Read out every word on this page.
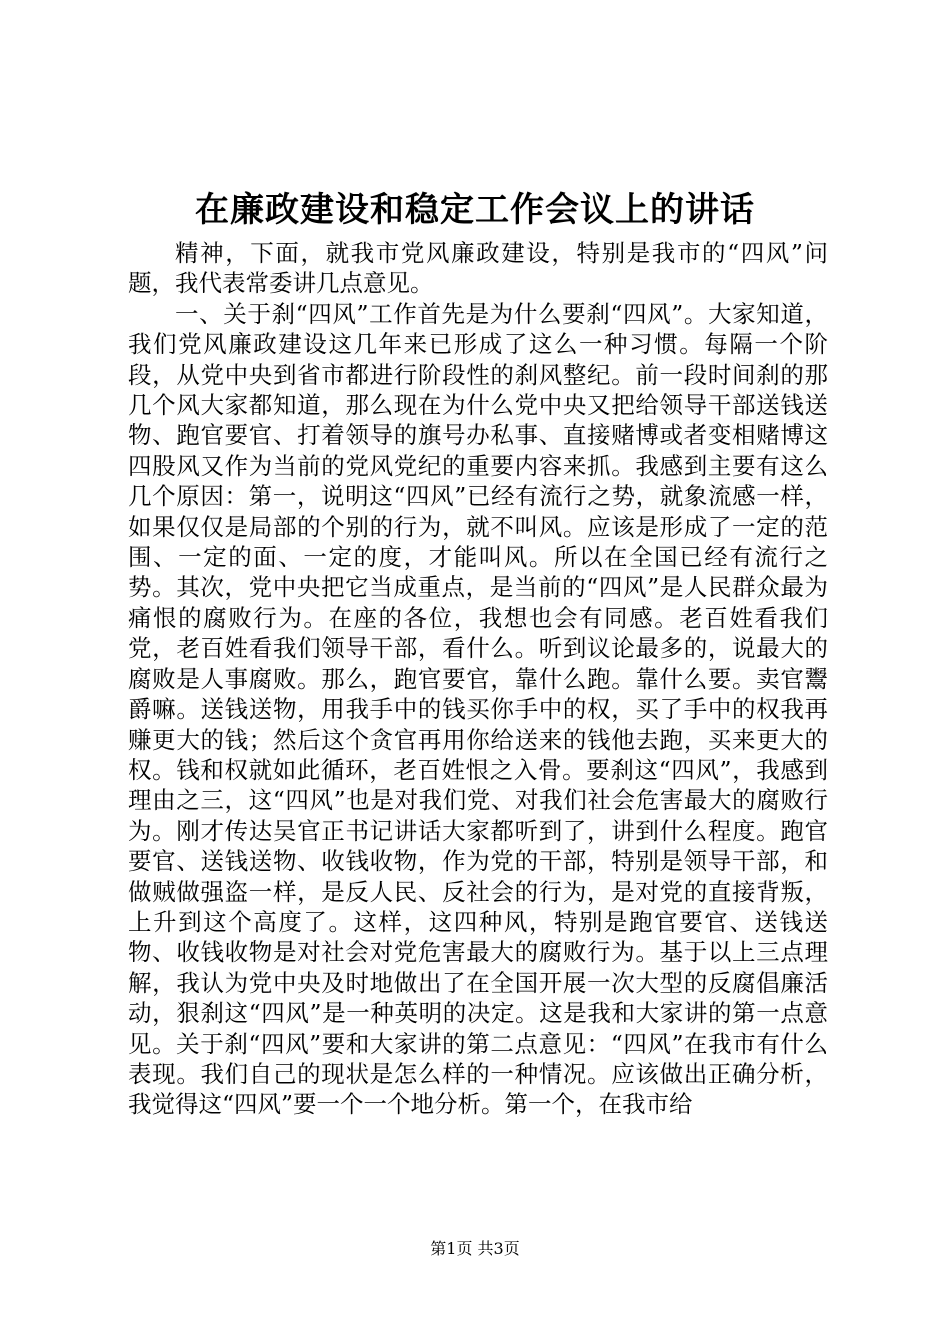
在廉政建设和稳定工作会议上的讲话

精神，下面，就我市党风廉政建设，特别是我市的“四风”问题，我代表常委讲几点意见。

一、关于刹“四风”工作首先是为什么要刹“四风”。大家知道，我们党风廉政建设这几年来已形成了这么一种习惯。每隔一个阶段，从党中央到省市都进行阶段性的刹风整纪。前一段时间刹的那几个风大家都知道，那么现在为什么党中央又把给领导干部送钱送物、跑官要官、打着领导的旗号办私事、直接赌博或者变相赌博这四股风又作为当前的党风党纪的重要内容来抓。我感到主要有这么几个原因：第一，说明这“四风”已经有流行之势，就象流感一样，如果仅仅是局部的个别的行为，就不叫风。应该是形成了一定的范围、一定的面、一定的度，才能叫风。所以在全国已经有流行之势。其次，党中央把它当成重点，是当前的“四风”是人民群众最为痛恨的腐败行为。在座的各位，我想也会有同感。老百姓看我们党，老百姓看我们领导干部，看什么。听到议论最多的，说最大的腐败是人事腐败。那么，跑官要官，靠什么跑。靠什么要。卖官鬻爵嘛。送钱送物，用我手中的钱买你手中的权，买了手中的权我再赚更大的钱；然后这个贪官再用你给送来的钱他去跑，买来更大的权。钱和权就如此循环，老百姓恨之入骨。要刹这“四风”，我感到理由之三，这“四风”也是对我们党、对我们社会危害最大的腐败行为。刚才传达吴官正书记讲话大家都听到了，讲到什么程度。跑官要官、送钱送物、收钱收物，作为党的干部，特别是领导干部，和做贼做强盗一样，是反人民、反社会的行为，是对党的直接背叛，上升到这个高度了。这样，这四种风，特别是跑官要官、送钱送物、收钱收物是对社会对党危害最大的腐败行为。基于以上三点理解，我认为党中央及时地做出了在全国开展一次大型的反腐倡廉活动，狠刹这“四风”是一种英明的决定。这是我和大家讲的第一点意见。关于刹“四风”要和大家讲的第二点意见：“四风”在我市有什么表现。我们自己的现状是怎么样的一种情况。应该做出正确分析，我觉得这“四风”要一个一个地分析。第一个，在我市给

第1页 共3页
